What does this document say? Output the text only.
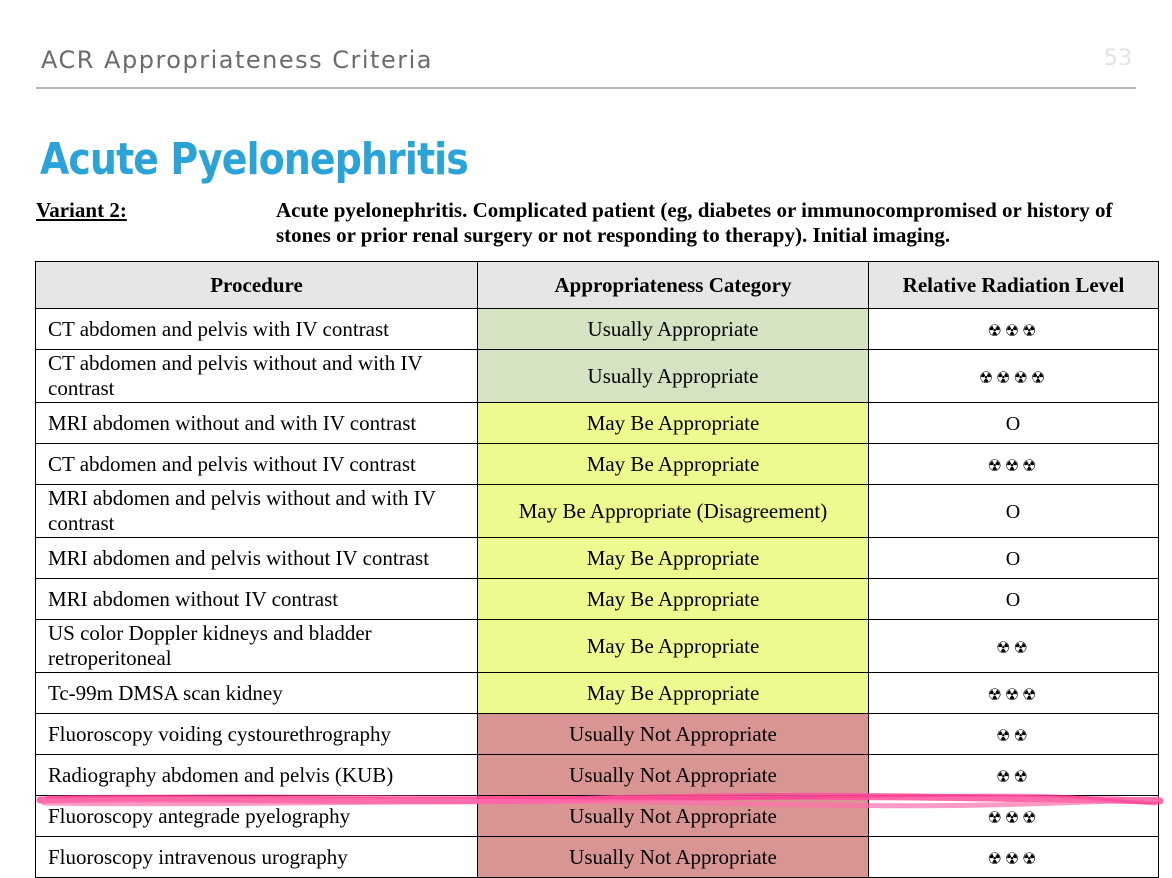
ACR Appropriateness Criteria	53
Acute Pyelonephritis
Variant 2:	Acute pyelonephritis. Complicated patient (eg, diabetes or immunocompromised or history of stones or prior renal surgery or not responding to therapy). Initial imaging.
Procedure	Appropriateness Category	Relative Radiation Level
CT abdomen and pelvis with IV contrast	Usually Appropriate	☢☢☢
CT abdomen and pelvis without and with IV contrast	Usually Appropriate	☢☢☢☢
MRI abdomen without and with IV contrast	May Be Appropriate	O
CT abdomen and pelvis without IV contrast	May Be Appropriate	☢☢☢
MRI abdomen and pelvis without and with IV contrast	May Be Appropriate (Disagreement)	O
MRI abdomen and pelvis without IV contrast	May Be Appropriate	O
MRI abdomen without IV contrast	May Be Appropriate	O
US color Doppler kidneys and bladder retroperitoneal	May Be Appropriate	☢☢
Tc-99m DMSA scan kidney	May Be Appropriate	☢☢☢
Fluoroscopy voiding cystourethrography	Usually Not Appropriate	☢☢
Radiography abdomen and pelvis (KUB)	Usually Not Appropriate	☢☢
Fluoroscopy antegrade pyelography	Usually Not Appropriate	☢☢☢
Fluoroscopy intravenous urography	Usually Not Appropriate	☢☢☢
